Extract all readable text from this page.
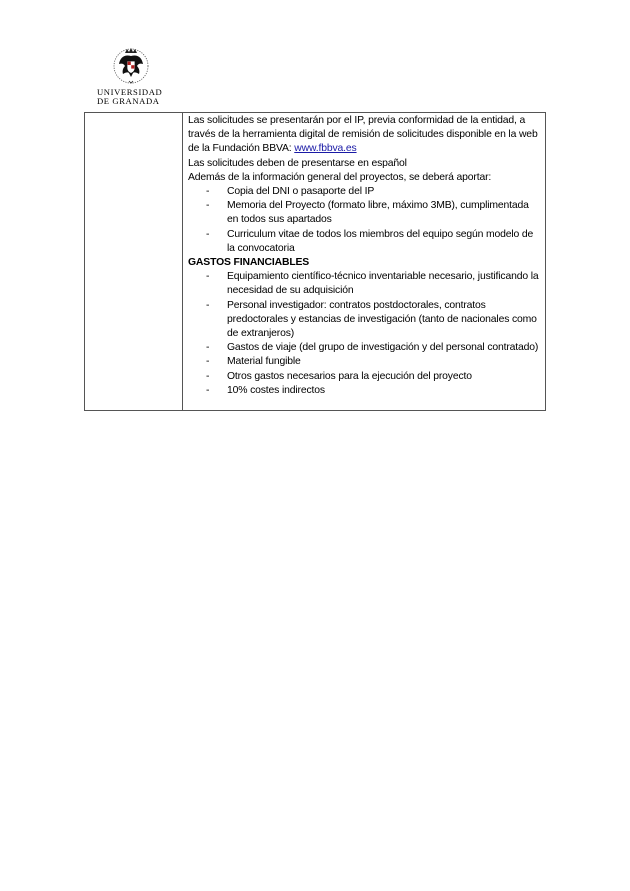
UNIVERSIDAD
DE GRANADA
	Las solicitudes se presentarán por el IP, previa conformidad de la entidad, a través de la herramienta digital de remisión de solicitudes disponible en la web de la Fundación BBVA: www.fbbva.es
Las solicitudes deben de presentarse en español
Además de la información general del proyectos, se deberá aportar:
- Copia del DNI o pasaporte del IP
- Memoria del Proyecto (formato libre, máximo 3MB), cumplimentada en todos sus apartados
- Curriculum vitae de todos los miembros del equipo según modelo de la convocatoria
GASTOS FINANCIABLES
- Equipamiento científico-técnico inventariable necesario, justificando la necesidad de su adquisición
- Personal investigador: contratos postdoctorales, contratos predoctorales y estancias de investigación (tanto de nacionales como de extranjeros)
- Gastos de viaje (del grupo de investigación y del personal contratado)
- Material fungible
- Otros gastos necesarios para la ejecución del proyecto
- 10% costes indirectos
